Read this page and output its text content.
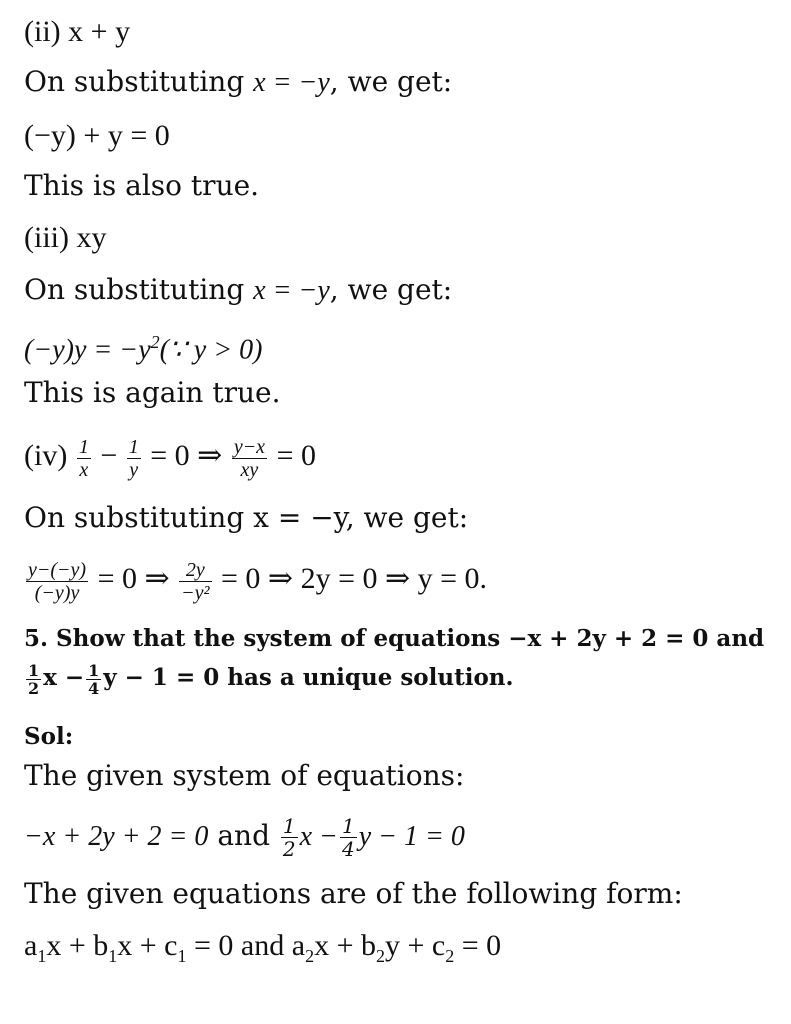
(ii) x + y
On substituting x = −y, we get:
(−y) + y = 0
This is also true.
(iii) xy
On substituting x = −y, we get:
$(-y)y = -y^2(\because$ y > 0)
This is again true.
$(iv) \frac{1}{x} - \frac{1}{y} = 0$ ⇒ $\frac{y-x}{xy} = 0$
On substituting x = −y, we get:
$\frac{y-(-y)}{(-y)y} = 0$ ⇒ $\frac{2y}{\text{−y²}} = 0$ ⇒ 2y = 0 ⇒ y = 0.
5. Show that the system of equations −x + 2y + 2 = 0 and
$\frac{1}{2}$ $x - \frac{1}{4}$ y − 1 = 0 has a unique solution.
Sol:
The given system of equations:
−x + 2y + 2 = 0 and $\frac{1}{2}$ $x - \frac{1}{4}$ y − 1 = 0
The given equations are of the following form:
$a_1x + b_1x + c_1 = 0$ and $a_2x + b_2y + c_2 = 0$
